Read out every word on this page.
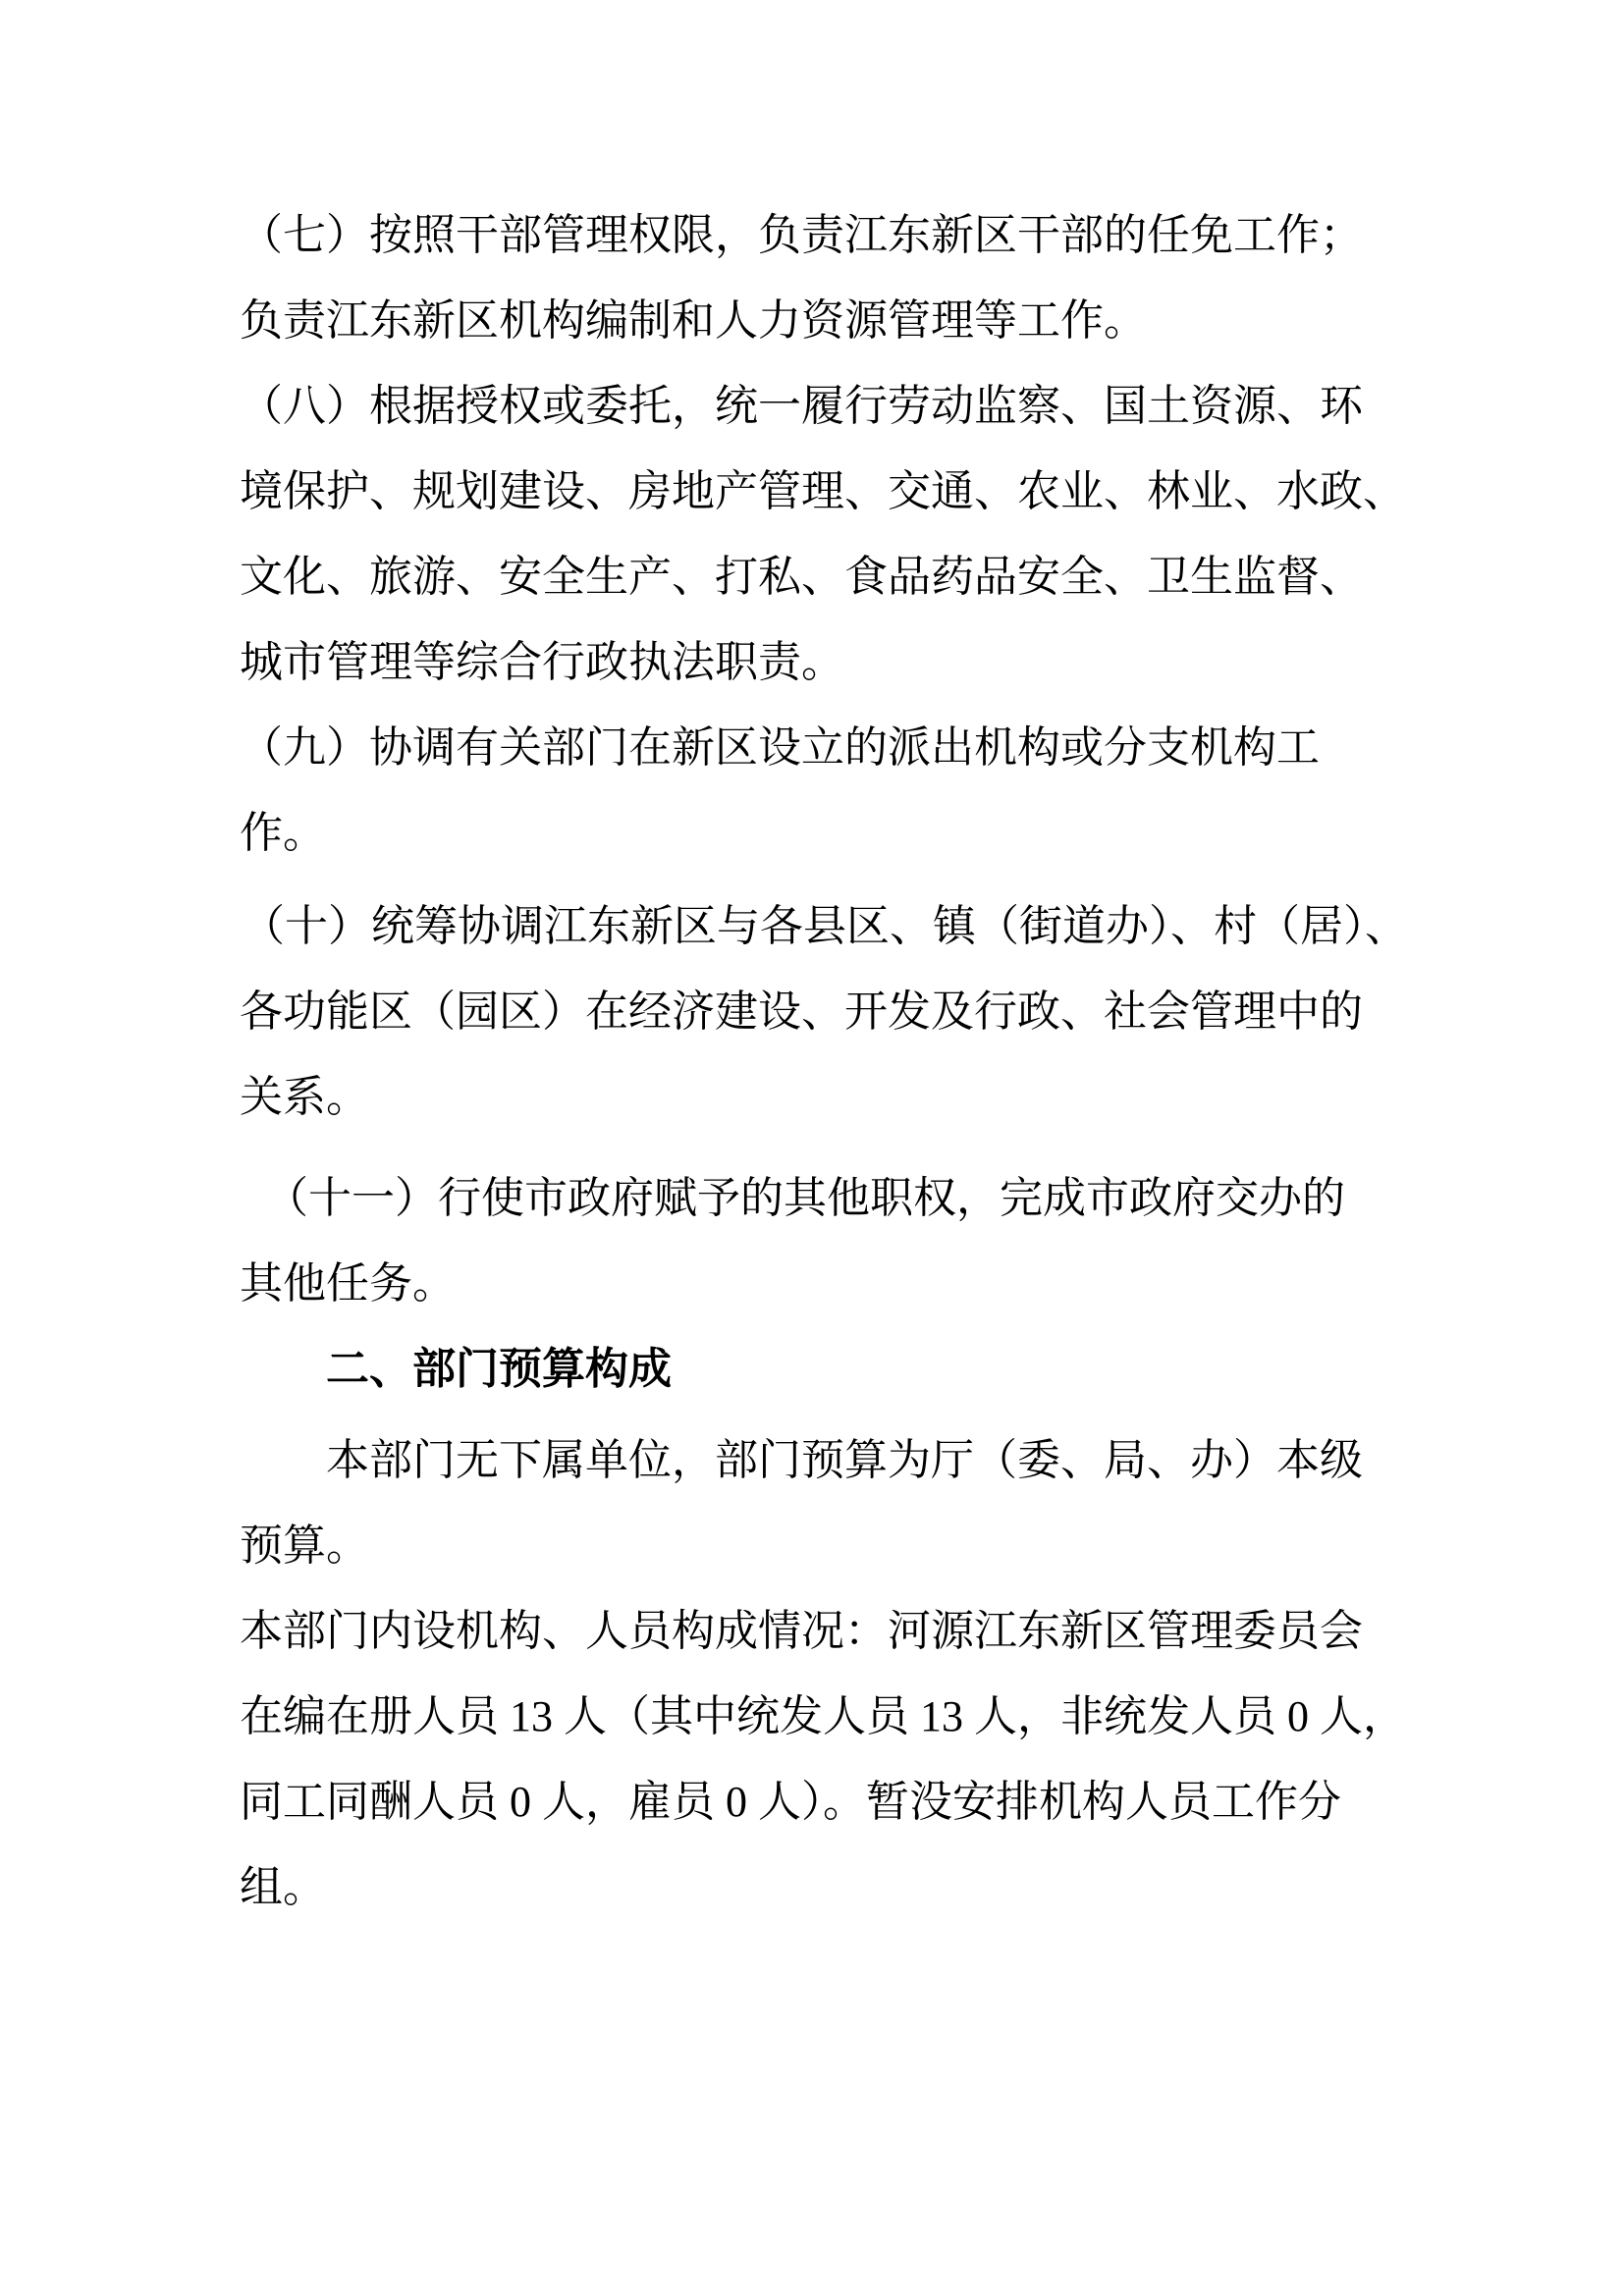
（七）按照干部管理权限，负责江东新区干部的任免工作；
负责江东新区机构编制和人力资源管理等工作。
（八）根据授权或委托，统一履行劳动监察、国土资源、环
境保护、规划建设、房地产管理、交通、农业、林业、水政、
文化、旅游、安全生产、打私、食品药品安全、卫生监督、
城市管理等综合行政执法职责。
（九）协调有关部门在新区设立的派出机构或分支机构工
作。
（十）统筹协调江东新区与各县区、镇（街道办）、村（居）、
各功能区（园区）在经济建设、开发及行政、社会管理中的
关系。
（十一）行使市政府赋予的其他职权，完成市政府交办的
其他任务。
二、部门预算构成
本部门无下属单位，部门预算为厅（委、局、办）本级
预算。
本部门内设机构、人员构成情况：河源江东新区管理委员会
在编在册人员 13 人（其中统发人员 13 人，非统发人员 0 人，
同工同酬人员 0 人，雇员 0 人）。暂没安排机构人员工作分
组。
